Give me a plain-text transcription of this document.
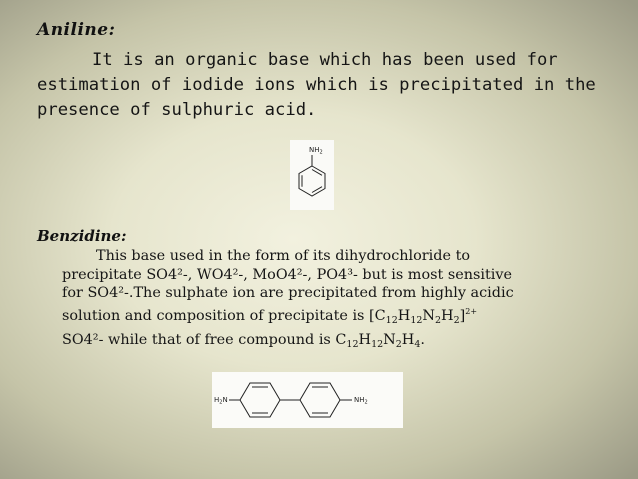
Aniline:
It is an organic base which has been used for
estimation of iodide ions which is precipitated in the
presence of sulphuric acid.
$NH_2$
Benzidine:
This base used in the form of its dihydrochloride to
precipitate SO4²-, WO4²-, MoO4²-, PO4³- but is most sensitive
for SO4²-.The sulphate ion are precipitated from highly acidic
solution and composition of precipitate is $[C_{12}H_{12}N_2H_2]^{2+}$
SO4²- while that of free compound is $C_{12}H_{12}N_2H_4$.
$H_2N$	$NH_2$
